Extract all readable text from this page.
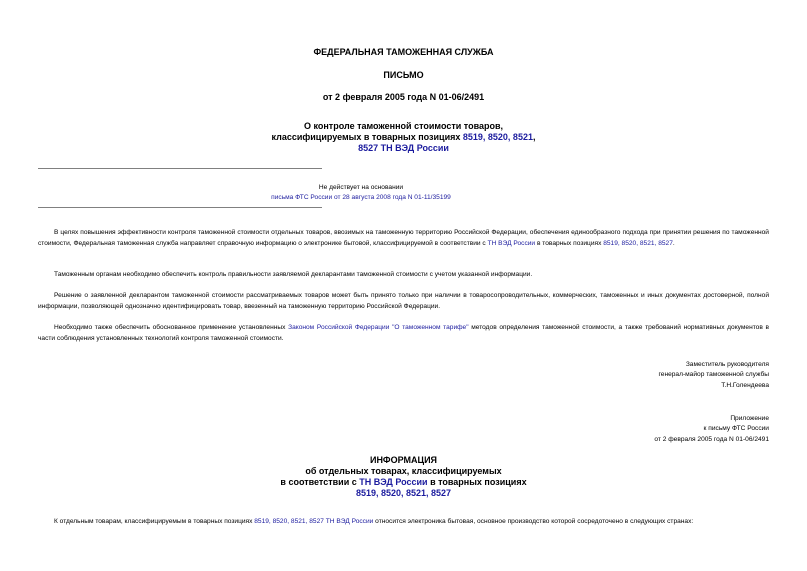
ФЕДЕРАЛЬНАЯ ТАМОЖЕННАЯ СЛУЖБА
ПИСЬМО
от 2 февраля 2005 года N 01-06/2491
О контроле таможенной стоимости товаров,
классифицируемых в товарных позициях 8519, 8520, 8521,
8527 ТН ВЭД России
Не действует на основании
письма ФТС России от 28 августа 2008 года N 01-11/35199
В целях повышения эффективности контроля таможенной стоимости отдельных товаров, ввозимых на таможенную территорию Российской Федерации, обеспечения единообразного подхода при принятии решения по таможенной стоимости, Федеральная таможенная служба направляет справочную информацию о электронике бытовой, классифицируемой в соответствии с ТН ВЭД России в товарных позициях 8519, 8520, 8521, 8527.
Таможенным органам необходимо обеспечить контроль правильности заявляемой декларантами таможенной стоимости с учетом указанной информации.
Решение о заявленной декларантом таможенной стоимости рассматриваемых товаров может быть принято только при наличии в товаросопроводительных, коммерческих, таможенных и иных документах достоверной, полной информации, позволяющей однозначно идентифицировать товар, ввезенный на таможенную территорию Российской Федерации.
Необходимо также обеспечить обоснованное применение установленных Законом Российской Федерации "О таможенном тарифе" методов определения таможенной стоимости, а также требований нормативных документов в части соблюдения установленных технологий контроля таможенной стоимости.
Заместитель руководителя
генерал-майор таможенной службы
Т.Н.Голендеева
Приложение
к письму ФТС России
от 2 февраля 2005 года N 01-06/2491
ИНФОРМАЦИЯ
об отдельных товарах, классифицируемых
в соответствии с ТН ВЭД России в товарных позициях
8519, 8520, 8521, 8527
К отдельным товарам, классифицируемым в товарных позициях 8519, 8520, 8521, 8527 ТН ВЭД России относится электроника бытовая, основное производство которой сосредоточено в следующих странах:
